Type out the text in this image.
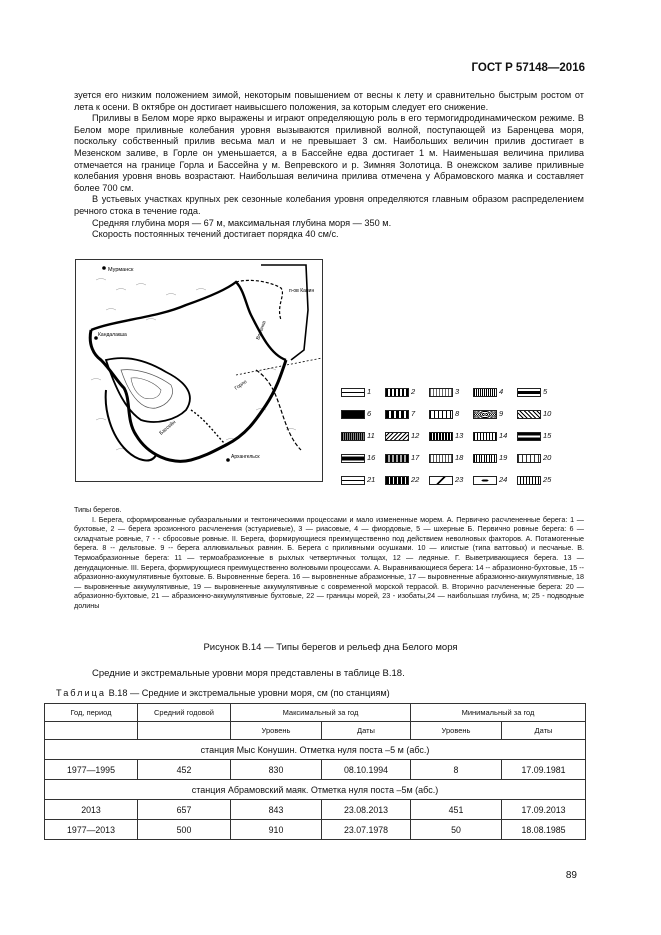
ГОСТ Р 57148—2016

зуется его низким положением зимой, некоторым повышением от весны к лету и сравнительно быстрым ростом от лета к осени. В октябре он достигает наивысшего положения, за которым следует его снижение.

Приливы в Белом море ярко выражены и играют определяющую роль в его термогидродинамическом режиме. В Белом море приливные колебания уровня вызываются приливной волной, поступающей из Баренцева моря, поскольку собственный прилив весьма мал и не превышает 3 см. Наибольших величин прилив достигает в Мезенском заливе, в Горле он уменьшается, а в Бассейне едва достигает 1 м. Наименьшая величина прилива отмечается на границе Горла и Бассейна у м. Вепревского и р. Зимняя Золотица. В онежском заливе приливные колебания уровня вновь возрастают. Наибольшая величина прилива отмечена у Абрамовского маяка и составляет более 700 см.

В устьевых участках крупных рек сезонные колебания уровня определяются главным образом распределением речного стока в течение года.

Средняя глубина моря — 67 м, максимальная глубина моря — 350 м.

Скорость постоянных течений достигает порядка 40 см/с.

Мурманск
п-ов Канин
Кандалакша
Архангельск
Воронка
Горло
Бассейн
1	2	3	4	5
6	7	8	9	10
11	12	13	14	15
16	17	18	19	20
21	22	23	24	25

Типы берегов.

I. Берега, сформированные субаэральными и тектоническими процессами и мало измененные морем. А. Первично расчлененные берега: 1 — бухтовые, 2 — берега эрозионного расчленения (эстуариевые), 3 — риасовые, 4 — фиордовые, 5 — шхерные Б. Первично ровные берега: 6 — складчатые ровные, 7 - - сбросовые ровные. II. Берега, формирующиеся преимущественно под действием неволновых факторов. А. Потамогенные берега. 8 -- дельтовые. 9 -- берега аллювиальных равнин. Б. Берега с приливными осушками. 10 — илистые (типа ваттовых) и песчаные. В. Термоабразионные берега: 11 — термоабразионные в рыхлых четвертичных толщах, 12 — ледяные. Г. Выветривающиеся берега. 13 — денудационные. III. Берега, формирующиеся преимущественно волновыми процессами. А. Выравнивающиеся берега: 14 -- абразионно-бухтовые, 15 -- абразионно-аккумулятивные бухтовые. Б. Выровненные берега. 16 — выровненные абразионные, 17 — выровненные абразионно-аккумулятивные, 18 — выровненные аккумулятивные, 19 — выровненные аккумулятивные с современной морской террасой. В. Вторично расчлененные берега: 20 — абразионно-бухтовые, 21 — абразионно-аккумулятивные бухтовые, 22 — границы морей, 23 - изобаты,24 — наибольшая глубина, м; 25 - подводные долины

Рисунок В.14 — Типы берегов и рельеф дна Белого моря
Средние и экстремальные уровни моря представлены в таблице В.18.
Таблица В.18 — Средние и экстремальные уровни моря, см (по станциям)
Год, период	Средний годовой	Максимальный за год		Минимальный за год	
		Уровень	Даты	Уровень	Даты
станция Мыс Конушин. Отметка нуля поста –5 м (абс.)					
1977—1995	452	830	08.10.1994	8	17.09.1981
станция Абрамовский маяк. Отметка нуля поста –5м (абс.)					
2013	657	843	23.08.2013	451	17.09.2013
1977—2013	500	910	23.07.1978	50	18.08.1985
89
